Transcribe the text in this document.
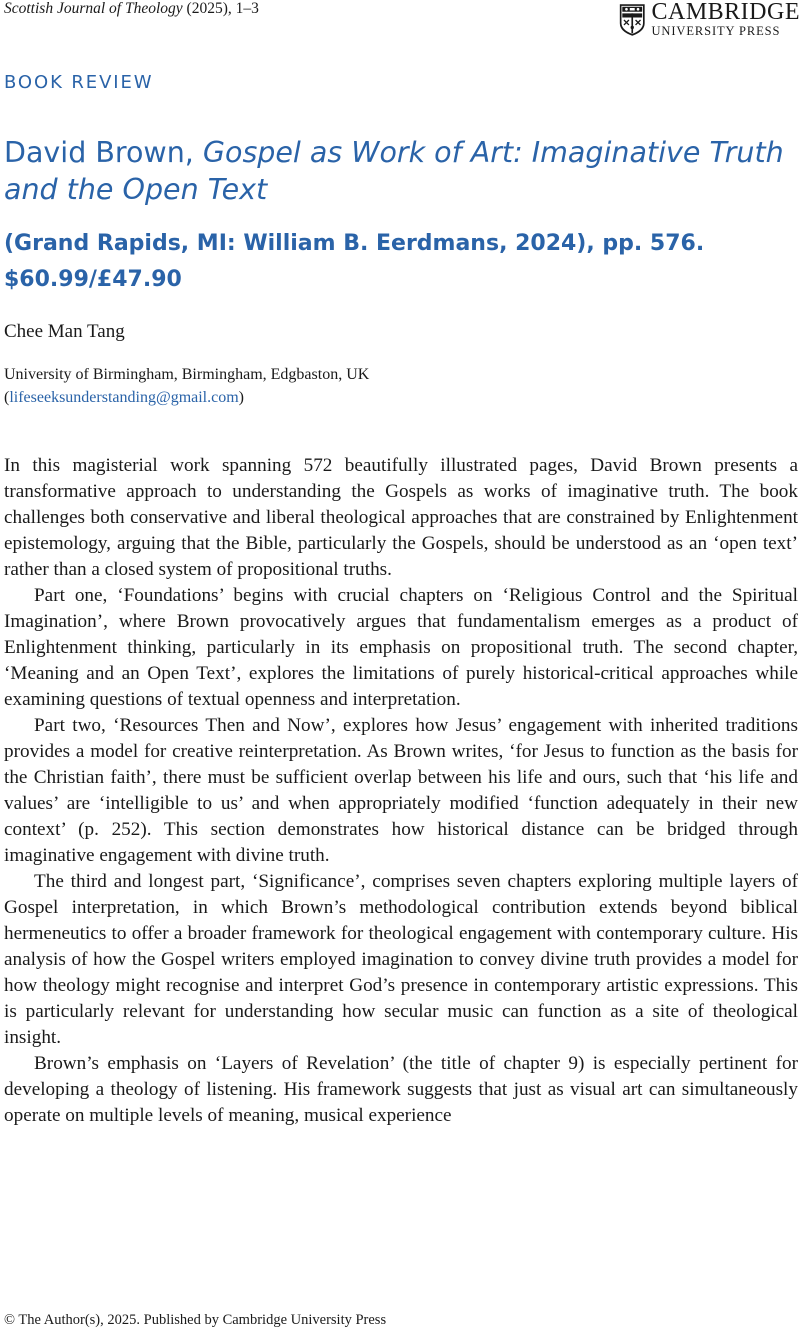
Scottish Journal of Theology (2025), 1–3	CAMBRIDGE
UNIVERSITY PRESS
BOOK REVIEW
David Brown, Gospel as Work of Art: Imaginative Truth and the Open Text
(Grand Rapids, MI: William B. Eerdmans, 2024), pp. 576. $60.99/£47.90
Chee Man Tang
University of Birmingham, Birmingham, Edgbaston, UK
(lifeseeksunderstanding@gmail.com)

In this magisterial work spanning 572 beautifully illustrated pages, David Brown presents a transformative approach to understanding the Gospels as works of imaginative truth. The book challenges both conservative and liberal theological approaches that are constrained by Enlightenment epistemology, arguing that the Bible, particularly the Gospels, should be understood as an ‘open text’ rather than a closed system of propositional truths.

Part one, ‘Foundations’ begins with crucial chapters on ‘Religious Control and the Spiritual Imagination’, where Brown provocatively argues that fundamentalism emerges as a product of Enlightenment thinking, particularly in its emphasis on propositional truth. The second chapter, ‘Meaning and an Open Text’, explores the limitations of purely historical-critical approaches while examining questions of textual openness and interpretation.

Part two, ‘Resources Then and Now’, explores how Jesus’ engagement with inherited traditions provides a model for creative reinterpretation. As Brown writes, ‘for Jesus to function as the basis for the Christian faith’, there must be sufficient overlap between his life and ours, such that ‘his life and values’ are ‘intelligible to us’ and when appropriately modified ‘function adequately in their new context’ (p. 252). This section demonstrates how historical distance can be bridged through imaginative engagement with divine truth.

The third and longest part, ‘Significance’, comprises seven chapters exploring multiple layers of Gospel interpretation, in which Brown’s methodological contribution extends beyond biblical hermeneutics to offer a broader framework for theological engagement with contemporary culture. His analysis of how the Gospel writers employed imagination to convey divine truth provides a model for how theology might recognise and interpret God’s presence in contemporary artistic expressions. This is particularly relevant for understanding how secular music can function as a site of theological insight.

Brown’s emphasis on ‘Layers of Revelation’ (the title of chapter 9) is especially pertinent for developing a theology of listening. His framework suggests that just as visual art can simultaneously operate on multiple levels of meaning, musical experience

© The Author(s), 2025. Published by Cambridge University Press
